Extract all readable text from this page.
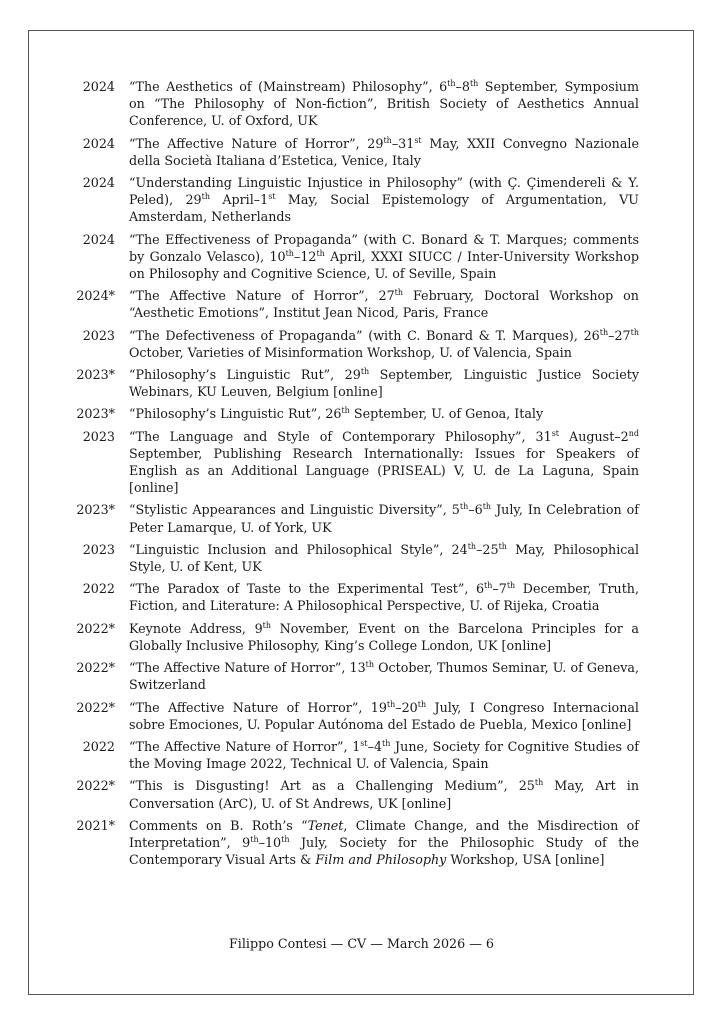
2024	“The Aesthetics of (Mainstream) Philosophy”, 6th–8th September, Symposium on “The Philosophy of Non-fiction”, British Society of Aesthetics Annual Conference, U. of Oxford, UK
2024	“The Affective Nature of Horror”, 29th–31st May, XXII Convegno Nazionale della Società Italiana d’Estetica, Venice, Italy
2024	“Understanding Linguistic Injustice in Philosophy” (with Ç. Çimendereli & Y. Peled), 29th April–1st May, Social Epistemology of Argumentation, VU Amsterdam, Netherlands
2024	“The Effectiveness of Propaganda” (with C. Bonard & T. Marques; comments by Gonzalo Velasco), 10th–12th April, XXXI SIUCC / Inter-University Workshop on Philosophy and Cognitive Science, U. of Seville, Spain
2024*	“The Affective Nature of Horror”, 27th February, Doctoral Workshop on “Aesthetic Emotions”, Institut Jean Nicod, Paris, France
2023	“The Defectiveness of Propaganda” (with C. Bonard & T. Marques), 26th–27th October, Varieties of Misinformation Workshop, U. of Valencia, Spain
2023*	“Philosophy’s Linguistic Rut”, 29th September, Linguistic Justice Society Webinars, KU Leuven, Belgium [online]
2023*	“Philosophy’s Linguistic Rut”, 26th September, U. of Genoa, Italy
2023	“The Language and Style of Contemporary Philosophy”, 31st August–2nd September, Publishing Research Internationally: Issues for Speakers of English as an Additional Language (PRISEAL) V, U. de La Laguna, Spain [online]
2023*	“Stylistic Appearances and Linguistic Diversity”, 5th–6th July, In Celebration of Peter Lamarque, U. of York, UK
2023	“Linguistic Inclusion and Philosophical Style”, 24th–25th May, Philosophical Style, U. of Kent, UK
2022	“The Paradox of Taste to the Experimental Test”, 6th–7th December, Truth, Fiction, and Literature: A Philosophical Perspective, U. of Rijeka, Croatia
2022*	Keynote Address, 9th November, Event on the Barcelona Principles for a Globally Inclusive Philosophy, King’s College London, UK [online]
2022*	“The Affective Nature of Horror”, 13th October, Thumos Seminar, U. of Geneva, Switzerland
2022*	“The Affective Nature of Horror”, 19th–20th July, I Congreso Internacional sobre Emociones, U. Popular Autónoma del Estado de Puebla, Mexico [online]
2022	“The Affective Nature of Horror”, 1st–4th June, Society for Cognitive Studies of the Moving Image 2022, Technical U. of Valencia, Spain
2022*	“This is Disgusting! Art as a Challenging Medium”, 25th May, Art in Conversation (ArC), U. of St Andrews, UK [online]
2021*	Comments on B. Roth’s “Tenet, Climate Change, and the Misdirection of Interpretation”, 9th–10th July, Society for the Philosophic Study of the Contemporary Visual Arts & Film and Philosophy Workshop, USA [online]
Filippo Contesi — CV — March 2026 — 6
